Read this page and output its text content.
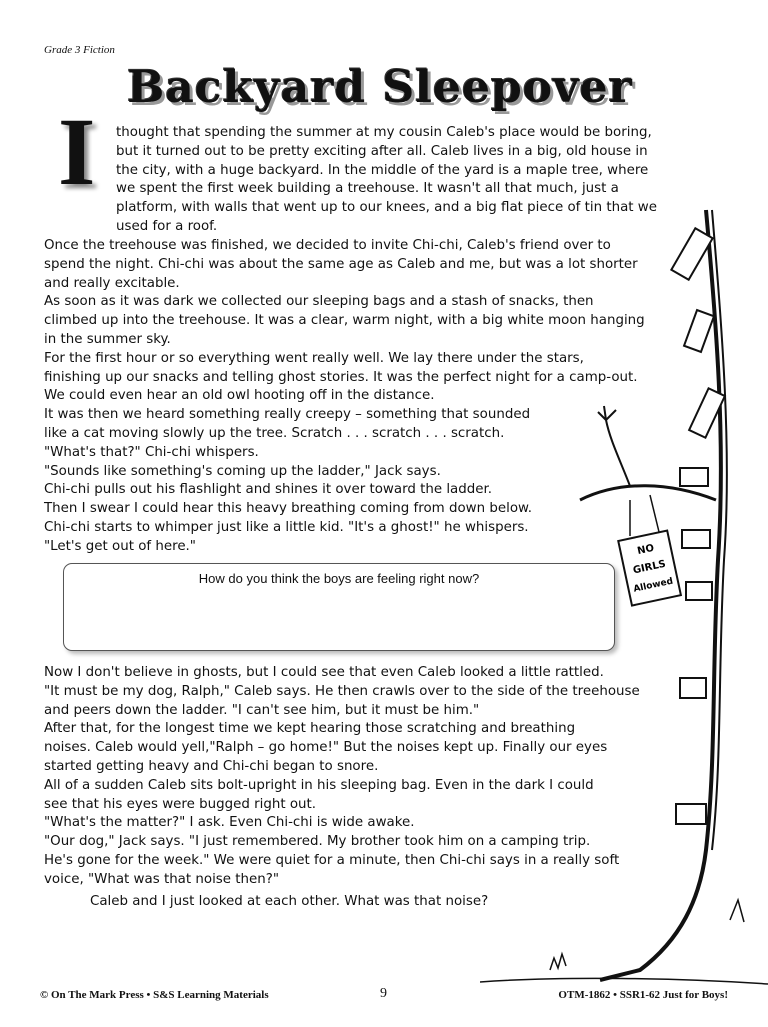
Grade 3 Fiction
Backyard Sleepover
I thought that spending the summer at my cousin Caleb's place would be boring,
but it turned out to be pretty exciting after all. Caleb lives in a big, old house in
the city, with a huge backyard. In the middle of the yard is a maple tree, where
we spent the first week building a treehouse. It wasn't all that much, just a
platform, with walls that went up to our knees, and a big flat piece of tin that we
used for a roof.
Once the treehouse was finished, we decided to invite Chi-chi, Caleb's friend over to
spend the night. Chi-chi was about the same age as Caleb and me, but was a lot shorter
and really excitable.
As soon as it was dark we collected our sleeping bags and a stash of snacks, then
climbed up into the treehouse. It was a clear, warm night, with a big white moon hanging
in the summer sky.
For the first hour or so everything went really well. We lay there under the stars,
finishing up our snacks and telling ghost stories. It was the perfect night for a camp-out.
We could even hear an old owl hooting off in the distance.
It was then we heard something really creepy – something that sounded
like a cat moving slowly up the tree. Scratch . . . scratch . . . scratch.
"What's that?" Chi-chi whispers.
"Sounds like something's coming up the ladder," Jack says.
Chi-chi pulls out his flashlight and shines it over toward the ladder.
Then I swear I could hear this heavy breathing coming from down below.
Chi-chi starts to whimper just like a little kid. "It's a ghost!" he whispers.
"Let's get out of here."
How do you think the boys are feeling right now?
Now I don't believe in ghosts, but I could see that even Caleb looked a little rattled.
"It must be my dog, Ralph," Caleb says. He then crawls over to the side of the treehouse
and peers down the ladder. "I can't see him, but it must be him."
After that, for the longest time we kept hearing those scratching and breathing
noises. Caleb would yell,"Ralph – go home!" But the noises kept up. Finally our eyes
started getting heavy and Chi-chi began to snore.
All of a sudden Caleb sits bolt-upright in his sleeping bag. Even in the dark I could
see that his eyes were bugged right out.
"What's the matter?" I ask. Even Chi-chi is wide awake.
"Our dog," Jack says. "I just remembered. My brother took him on a camping trip.
He's gone for the week." We were quiet for a minute, then Chi-chi says in a really soft
voice, "What was that noise then?"
Caleb and I just looked at each other. What was that noise?
NO
GIRLS
Allowed
© On The Mark Press • S&S Learning Materials	9	OTM-1862 • SSR1-62 Just for Boys!
